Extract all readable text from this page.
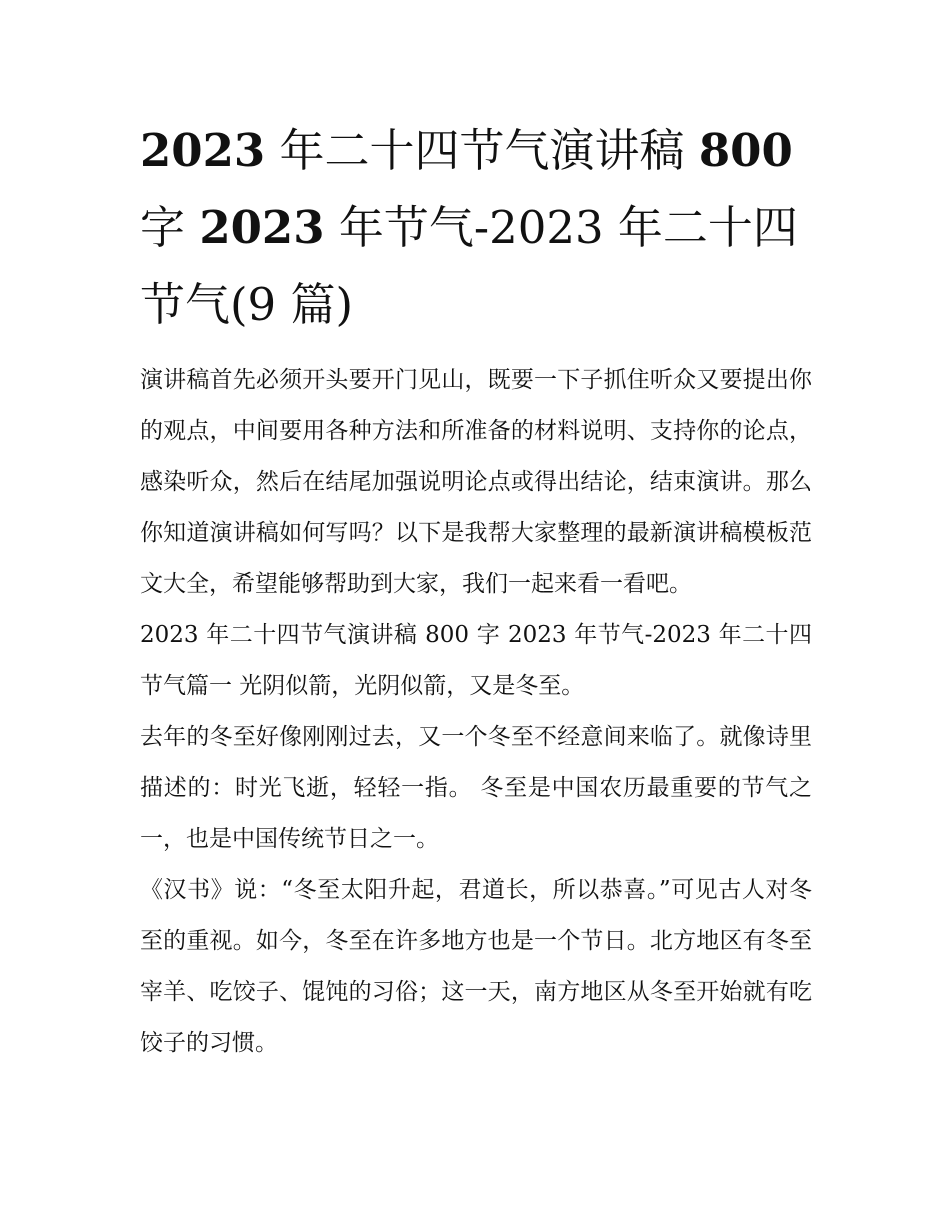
2023 年二十四节气演讲稿 800
字 2023 年节气-2023 年二十四
节气(9 篇)

演讲稿首先必须开头要开门见山，既要一下子抓住听众又要提出你的观点，中间要用各种方法和所准备的材料说明、支持你的论点，感染听众，然后在结尾加强说明论点或得出结论，结束演讲。那么你知道演讲稿如何写吗？以下是我帮大家整理的最新演讲稿模板范文大全，希望能够帮助到大家，我们一起来看一看吧。

2023 年二十四节气演讲稿 800 字 2023 年节气-2023 年二十四节气篇一 光阴似箭，光阴似箭，又是冬至。

去年的冬至好像刚刚过去，又一个冬至不经意间来临了。就像诗里描述的：时光飞逝，轻轻一指。 冬至是中国农历最重要的节气之一，也是中国传统节日之一。

《汉书》说：“冬至太阳升起，君道长，所以恭喜。”可见古人对冬至的重视。如今，冬至在许多地方也是一个节日。北方地区有冬至宰羊、吃饺子、馄饨的习俗；这一天，南方地区从冬至开始就有吃饺子的习惯。
